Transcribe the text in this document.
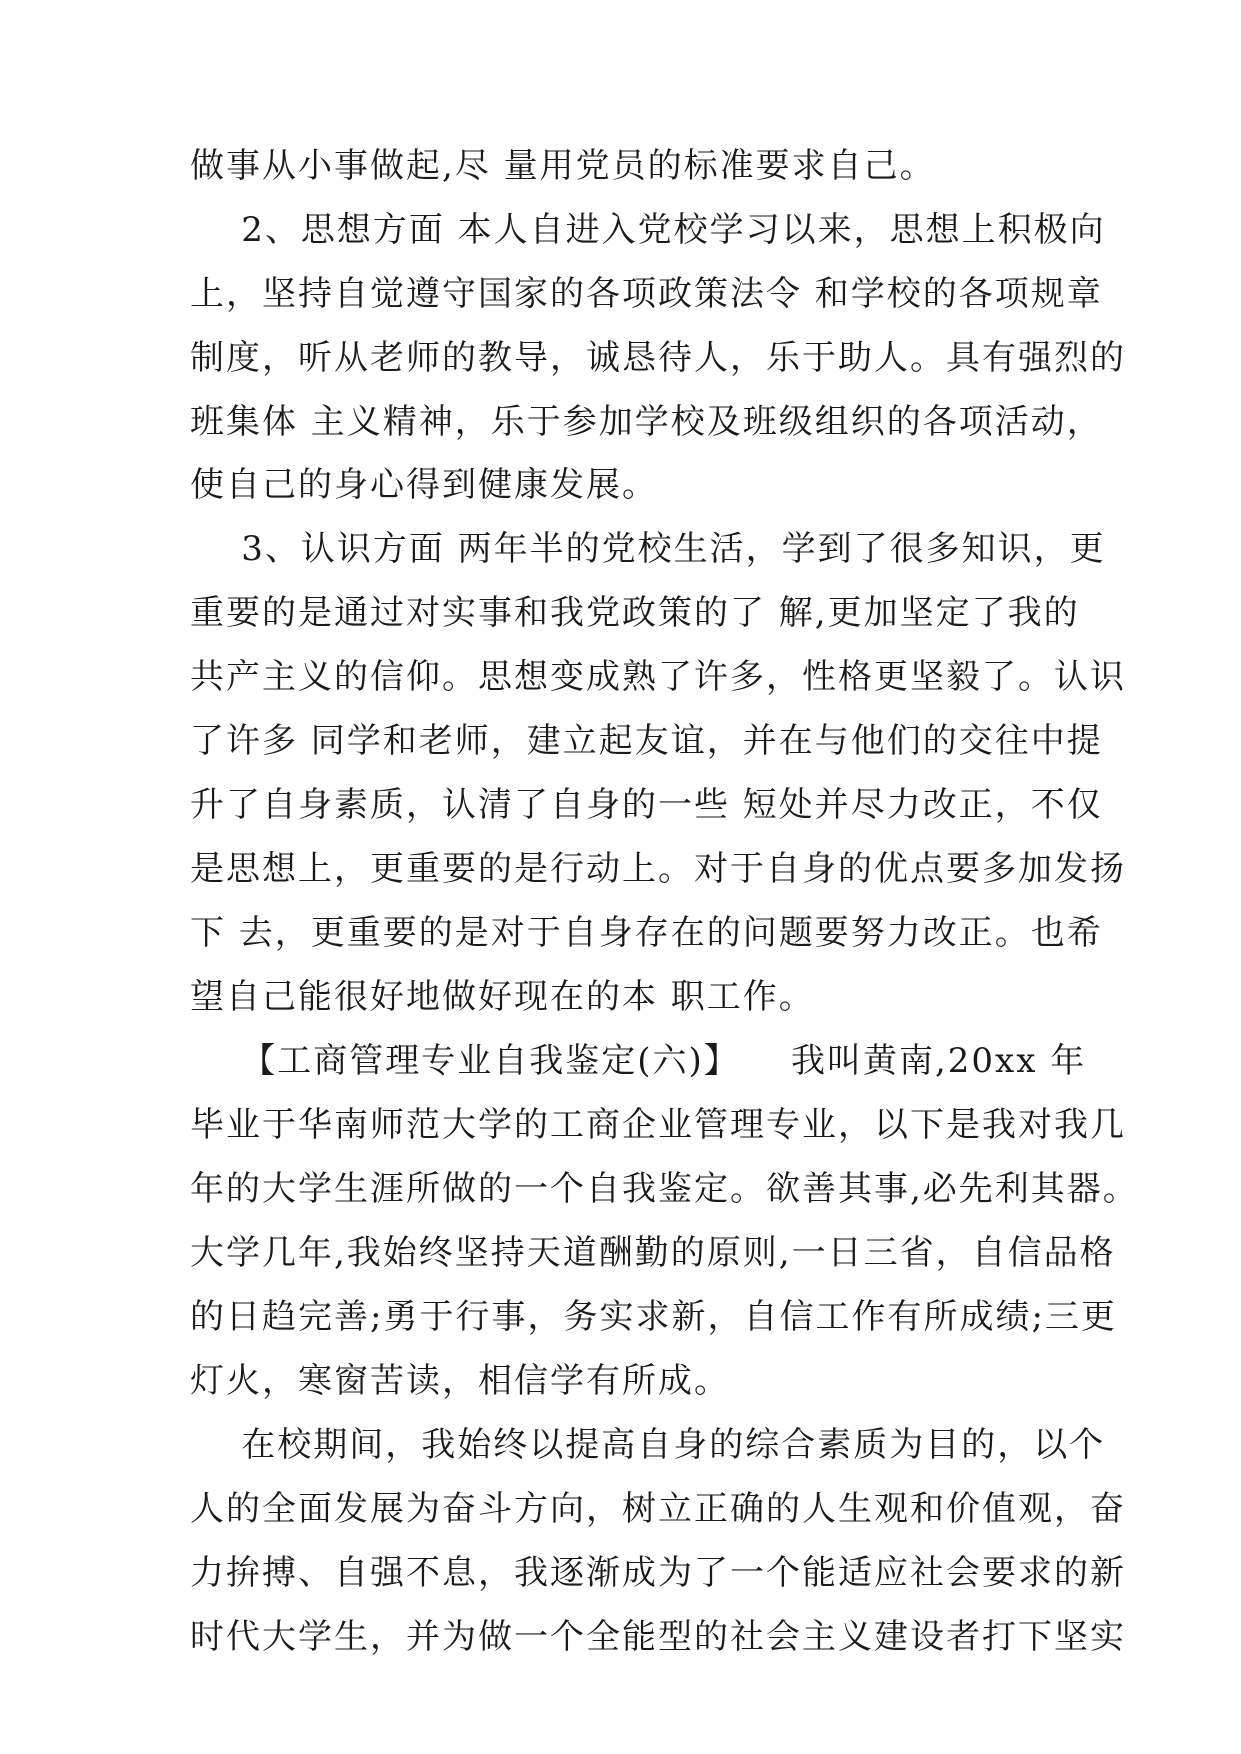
做事从小事做起,尽 量用党员的标准要求自己。
2、思想方面 本人自进入党校学习以来，思想上积极向
上，坚持自觉遵守国家的各项政策法令 和学校的各项规章
制度，听从老师的教导，诚恳待人，乐于助人。具有强烈的
班集体 主义精神，乐于参加学校及班级组织的各项活动，
使自己的身心得到健康发展。
3、认识方面 两年半的党校生活，学到了很多知识，更
重要的是通过对实事和我党政策的了 解,更加坚定了我的
共产主义的信仰。思想变成熟了许多，性格更坚毅了。认识
了许多 同学和老师，建立起友谊，并在与他们的交往中提
升了自身素质，认清了自身的一些 短处并尽力改正，不仅
是思想上，更重要的是行动上。对于自身的优点要多加发扬
下 去，更重要的是对于自身存在的问题要努力改正。也希
望自己能很好地做好现在的本 职工作。
【工商管理专业自我鉴定(六)】    我叫黄南,20xx 年
毕业于华南师范大学的工商企业管理专业，以下是我对我几
年的大学生涯所做的一个自我鉴定。欲善其事,必先利其器。
大学几年,我始终坚持天道酬勤的原则,一日三省，自信品格
的日趋完善;勇于行事，务实求新，自信工作有所成绩;三更
灯火，寒窗苦读，相信学有所成。
在校期间，我始终以提高自身的综合素质为目的，以个
人的全面发展为奋斗方向，树立正确的人生观和价值观，奋
力拚搏、自强不息，我逐渐成为了一个能适应社会要求的新
时代大学生，并为做一个全能型的社会主义建设者打下坚实
